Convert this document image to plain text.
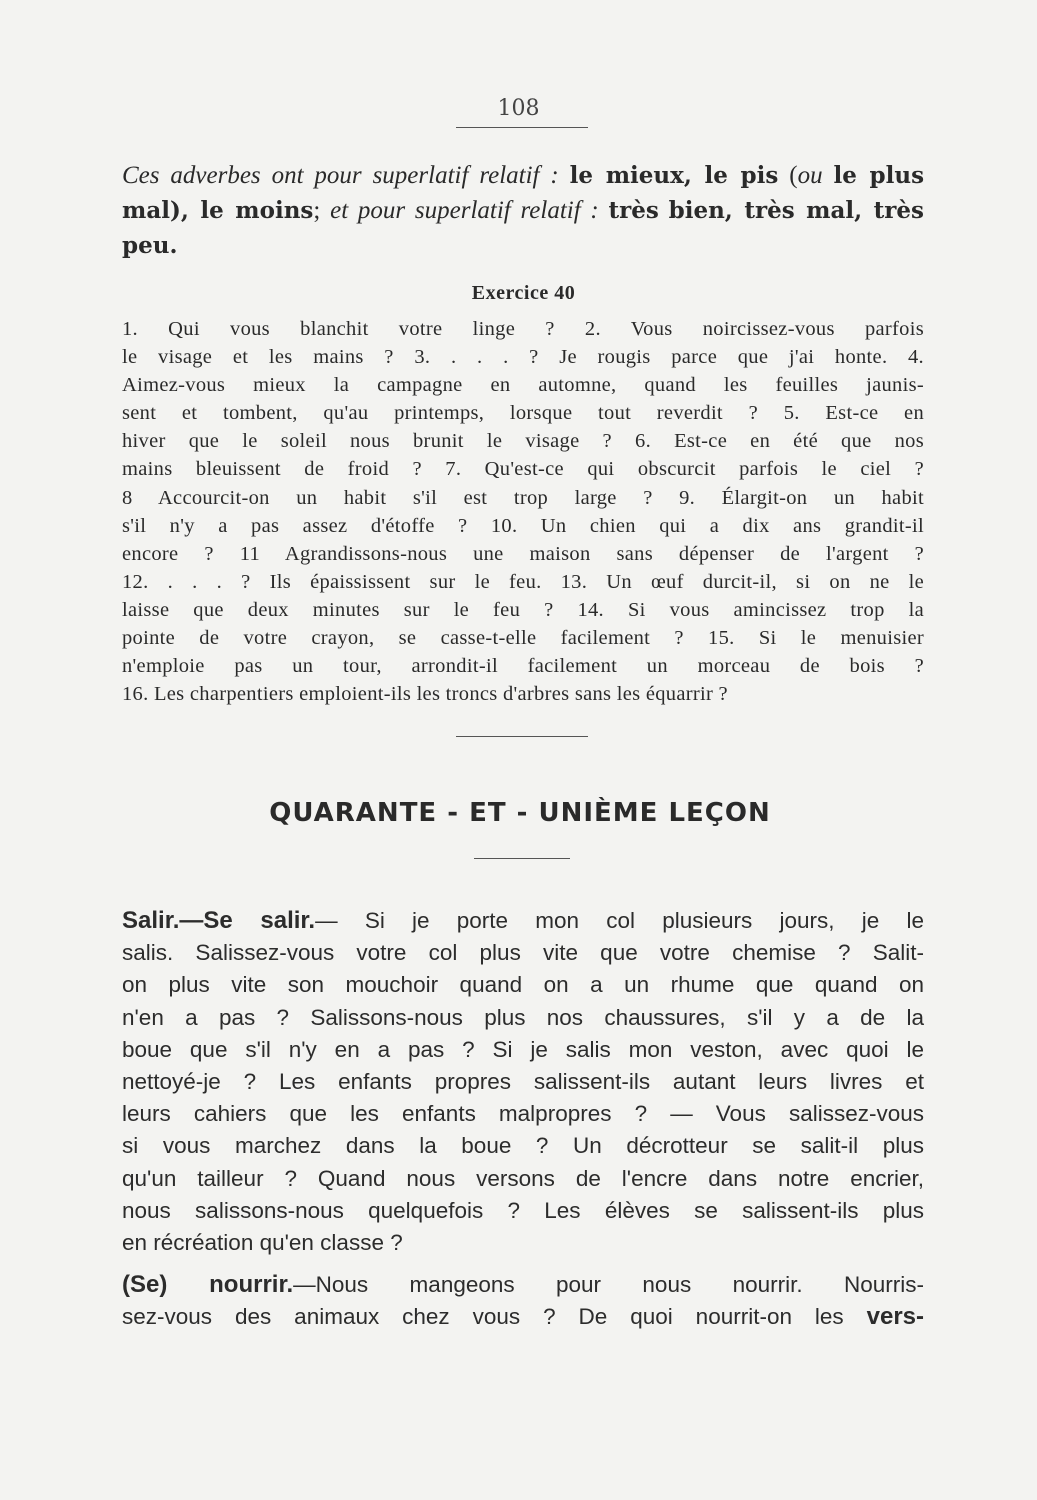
108
Ces adverbes ont pour superlatif relatif : le mieux, le pis (ou le plus mal), le moins; et pour superlatif relatif : très bien, très mal, très peu.
Exercice 40
1. Qui vous blanchit votre linge ? 2. Vous noircissez-vous parfois
le visage et les mains ? 3. . . . ? Je rougis parce que j'ai honte. 4.
Aimez-vous mieux la campagne en automne, quand les feuilles jaunis-
sent et tombent, qu'au printemps, lorsque tout reverdit ? 5. Est-ce en
hiver que le soleil nous brunit le visage ? 6. Est-ce en été que nos
mains bleuissent de froid ? 7. Qu'est-ce qui obscurcit parfois le ciel ?
8 Accourcit-on un habit s'il est trop large ? 9. Élargit-on un habit
s'il n'y a pas assez d'étoffe ? 10. Un chien qui a dix ans grandit-il
encore ? 11 Agrandissons-nous une maison sans dépenser de l'argent ?
12. . . . ? Ils épaississent sur le feu. 13. Un œuf durcit-il, si on ne le
laisse que deux minutes sur le feu ? 14. Si vous amincissez trop la
pointe de votre crayon, se casse-t-elle facilement ? 15. Si le menuisier
n'emploie pas un tour, arrondit-il facilement un morceau de bois ?
16. Les charpentiers emploient-ils les troncs d'arbres sans les équarrir ?
QUARANTE - ET - UNIÈME LEÇON

Salir.—Se salir.— Si je porte mon col plusieurs jours, je le
salis. Salissez-vous votre col plus vite que votre chemise ? Salit-
on plus vite son mouchoir quand on a un rhume que quand on
n'en a pas ? Salissons-nous plus nos chaussures, s'il y a de la
boue que s'il n'y en a pas ? Si je salis mon veston, avec quoi le
nettoyé-je ? Les enfants propres salissent-ils autant leurs livres et
leurs cahiers que les enfants malpropres ? — Vous salissez-vous
si vous marchez dans la boue ? Un décrotteur se salit-il plus
qu'un tailleur ? Quand nous versons de l'encre dans notre encrier,
nous salissons-nous quelquefois ? Les élèves se salissent-ils plus
en récréation qu'en classe ?

(Se) nourrir.—Nous mangeons pour nous nourrir. Nourris-
sez-vous des animaux chez vous ? De quoi nourrit-on les vers-
